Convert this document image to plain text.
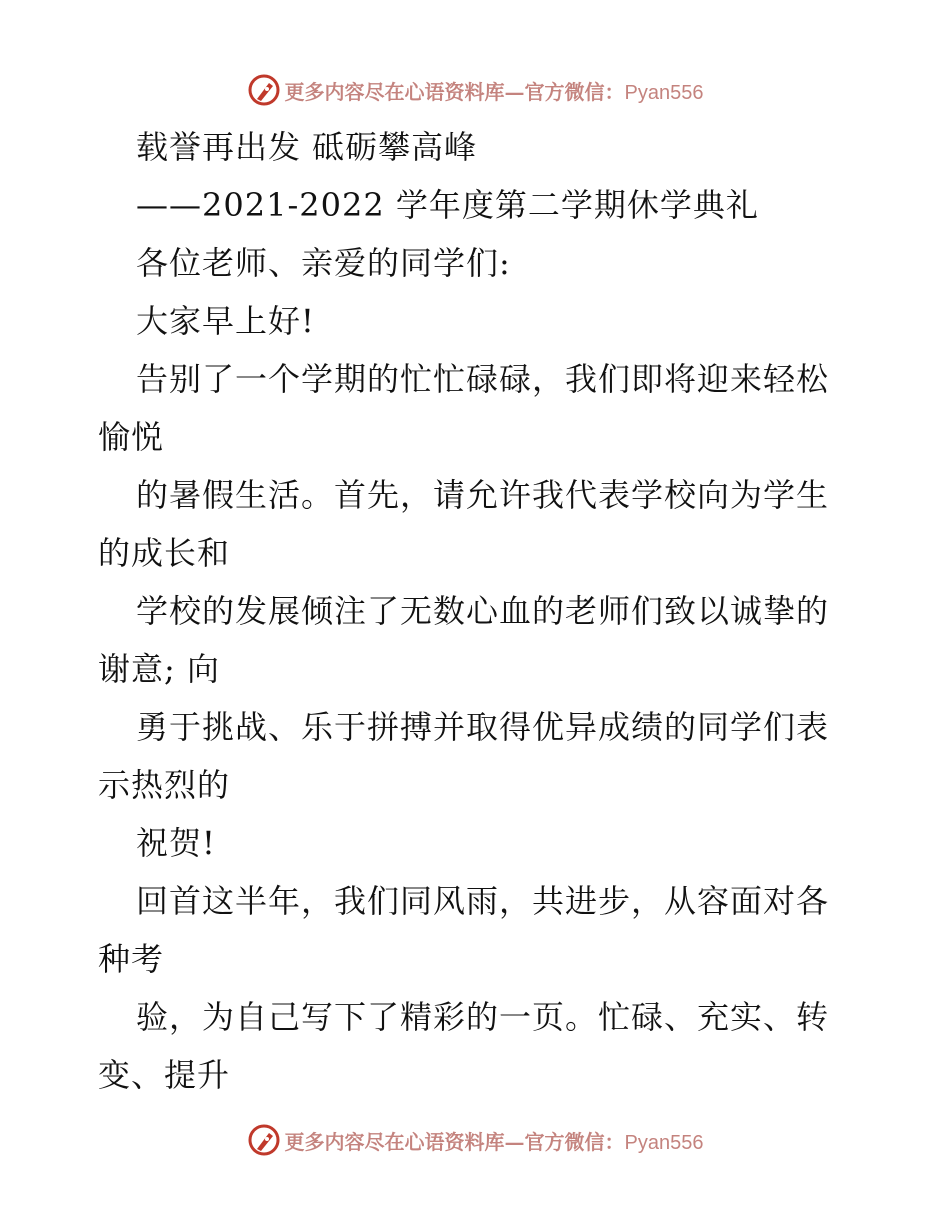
更多内容尽在心语资料库—官方微信：Pyan556
载誉再出发 砥砺攀高峰
——2021-2022 学年度第二学期休学典礼
各位老师、亲爱的同学们:
大家早上好!
告别了一个学期的忙忙碌碌，我们即将迎来轻松
愉悦
的暑假生活。首先，请允许我代表学校向为学生
的成长和
学校的发展倾注了无数心血的老师们致以诚挚的
谢意; 向
勇于挑战、乐于拼搏并取得优异成绩的同学们表
示热烈的
祝贺!
回首这半年，我们同风雨，共进步，从容面对各
种考
验，为自己写下了精彩的一页。忙碌、充实、转
变、提升
更多内容尽在心语资料库—官方微信：Pyan556
